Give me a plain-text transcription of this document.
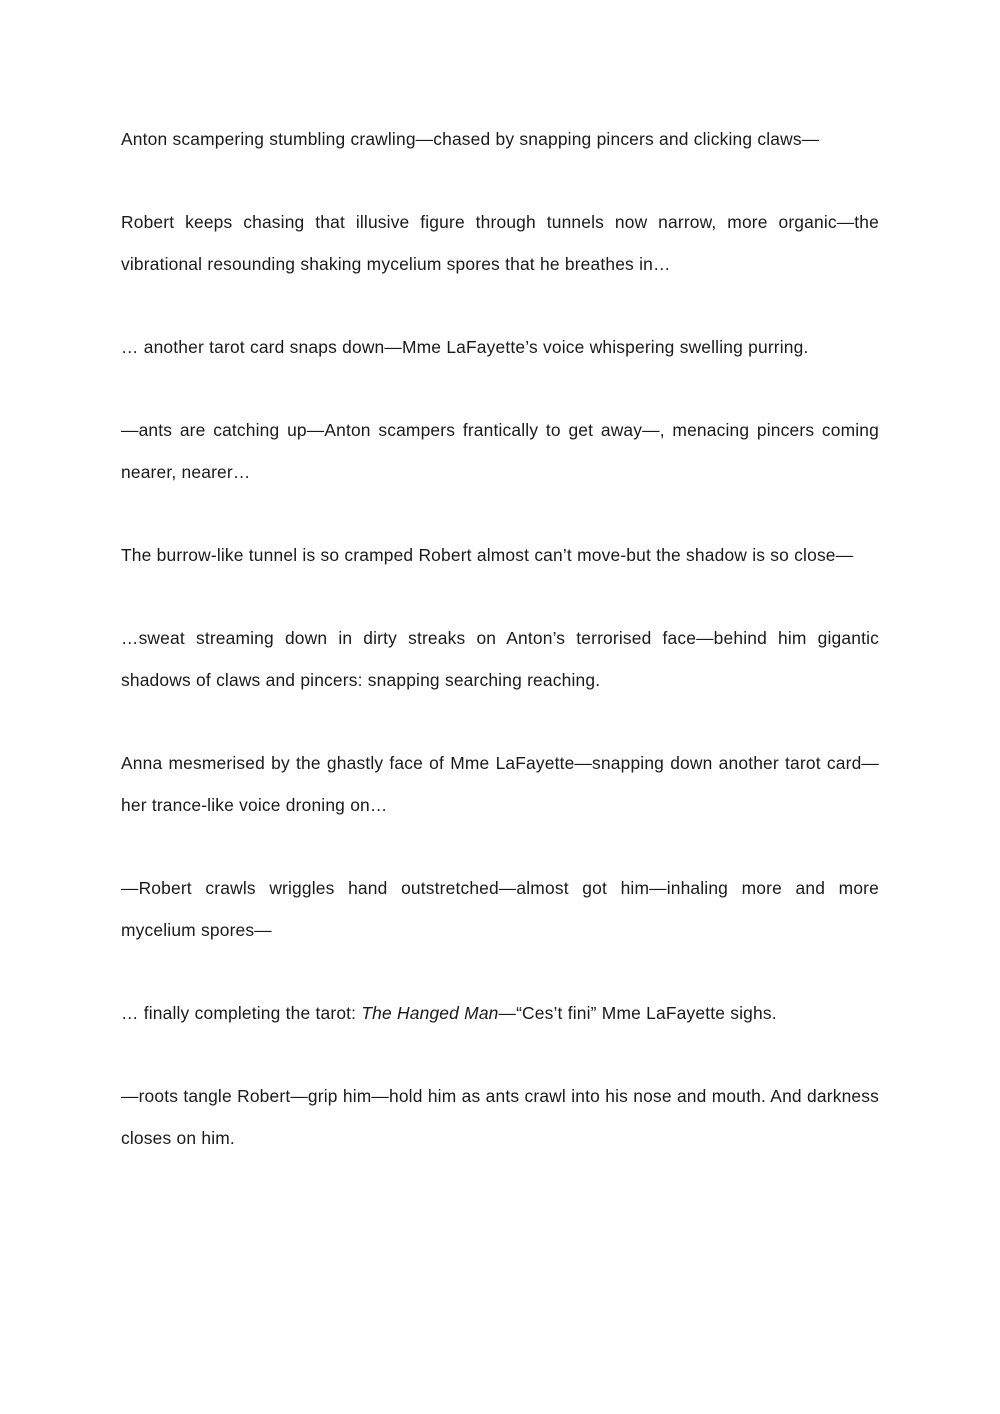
Anton scampering stumbling crawling—chased by snapping pincers and clicking claws—

Robert keeps chasing that illusive figure through tunnels now narrow, more organic—the vibrational resounding shaking mycelium spores that he breathes in…

… another tarot card snaps down—Mme LaFayette’s voice whispering swelling purring.

—ants are catching up—Anton scampers frantically to get away—, menacing pincers coming nearer, nearer…

The burrow-like tunnel is so cramped Robert almost can’t move-but the shadow is so close—

…sweat streaming down in dirty streaks on Anton’s terrorised face—behind him gigantic shadows of claws and pincers: snapping searching reaching.

Anna mesmerised by the ghastly face of Mme LaFayette—snapping down another tarot card—her trance-like voice droning on…

—Robert crawls wriggles hand outstretched—almost got him—inhaling more and more mycelium spores—

… finally completing the tarot: The Hanged Man—“Ces’t fini” Mme LaFayette sighs.

—roots tangle Robert—grip him—hold him as ants crawl into his nose and mouth. And darkness closes on him.
